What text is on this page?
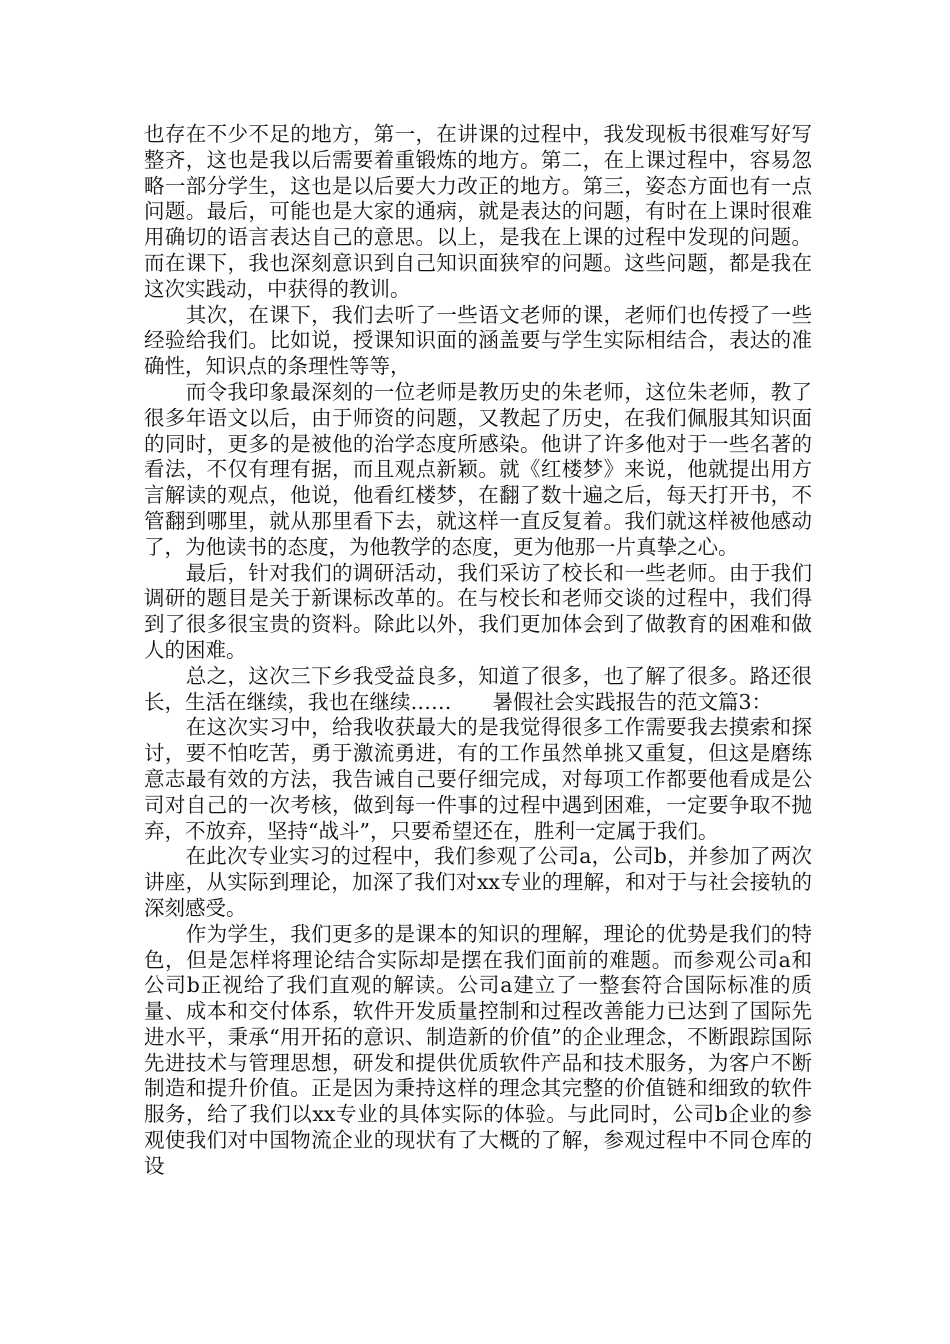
也存在不少不足的地方，第一，在讲课的过程中，我发现板书很难写好写整齐，这也是我以后需要着重锻炼的地方。第二，在上课过程中，容易忽略一部分学生，这也是以后要大力改正的地方。第三，姿态方面也有一点问题。最后，可能也是大家的通病，就是表达的问题，有时在上课时很难用确切的语言表达自己的意思。以上，是我在上课的过程中发现的问题。而在课下，我也深刻意识到自己知识面狭窄的问题。这些问题，都是我在这次实践动，中获得的教训。

　　其次，在课下，我们去听了一些语文老师的课，老师们也传授了一些经验给我们。比如说，授课知识面的涵盖要与学生实际相结合，表达的准确性，知识点的条理性等等，

　　而令我印象最深刻的一位老师是教历史的朱老师，这位朱老师，教了很多年语文以后，由于师资的问题，又教起了历史，在我们佩服其知识面的同时，更多的是被他的治学态度所感染。他讲了许多他对于一些名著的看法，不仅有理有据，而且观点新颖。就《红楼梦》来说，他就提出用方言解读的观点，他说，他看红楼梦，在翻了数十遍之后，每天打开书，不管翻到哪里，就从那里看下去，就这样一直反复着。我们就这样被他感动了，为他读书的态度，为他教学的态度，更为他那一片真挚之心。

　　最后，针对我们的调研活动，我们采访了校长和一些老师。由于我们调研的题目是关于新课标改革的。在与校长和老师交谈的过程中，我们得到了很多很宝贵的资料。除此以外，我们更加体会到了做教育的困难和做人的困难。

　　总之，这次三下乡我受益良多，知道了很多，也了解了很多。路还很长，生活在继续，我也在继续……　　暑假社会实践报告的范文篇3：

　　在这次实习中，给我收获最大的是我觉得很多工作需要我去摸索和探讨，要不怕吃苦，勇于激流勇进，有的工作虽然单挑又重复，但这是磨练意志最有效的方法，我告诫自己要仔细完成，对每项工作都要他看成是公司对自己的一次考核，做到每一件事的过程中遇到困难，一定要争取不抛弃，不放弃，坚持“战斗”，只要希望还在，胜利一定属于我们。

　　在此次专业实习的过程中，我们参观了公司a，公司b，并参加了两次讲座，从实际到理论，加深了我们对xx专业的理解，和对于与社会接轨的深刻感受。

　　作为学生，我们更多的是课本的知识的理解，理论的优势是我们的特色，但是怎样将理论结合实际却是摆在我们面前的难题。而参观公司a和公司b正视给了我们直观的解读。公司a建立了一整套符合国际标准的质量、成本和交付体系，软件开发质量控制和过程改善能力已达到了国际先进水平，秉承“用开拓的意识、制造新的价值”的企业理念，不断跟踪国际先进技术与管理思想，研发和提供优质软件产品和技术服务，为客户不断制造和提升价值。正是因为秉持这样的理念其完整的价值链和细致的软件服务，给了我们以xx专业的具体实际的体验。与此同时，公司b企业的参观使我们对中国物流企业的现状有了大概的了解，参观过程中不同仓库的设
